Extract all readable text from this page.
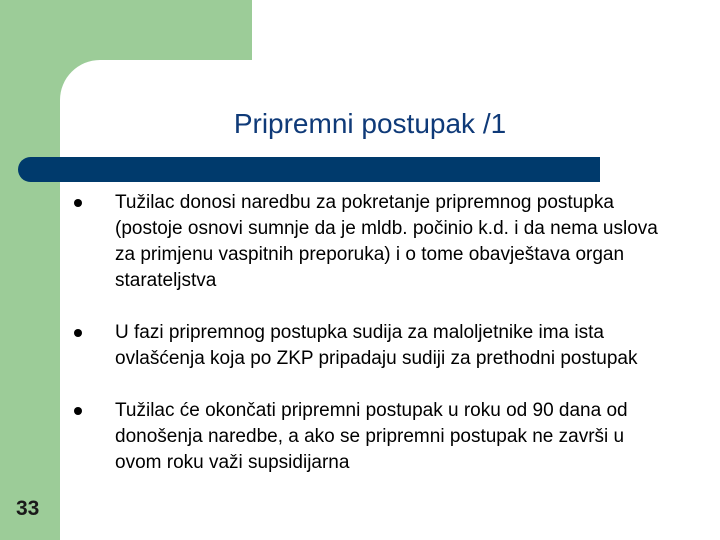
Pripremni postupak /1
Tužilac donosi naredbu za pokretanje pripremnog postupka (postoje osnovi sumnje da je mldb. počinio k.d. i da nema uslova za primjenu vaspitnih preporuka) i o tome obavještava organ starateljstva
U fazi pripremnog postupka sudija za maloljetnike ima ista ovlašćenja koja po ZKP pripadaju sudiji za prethodni postupak
Tužilac će okončati pripremni postupak u roku od 90 dana od donošenja naredbe, a ako se pripremni postupak ne završi u ovom roku važi supsidijarna
33
